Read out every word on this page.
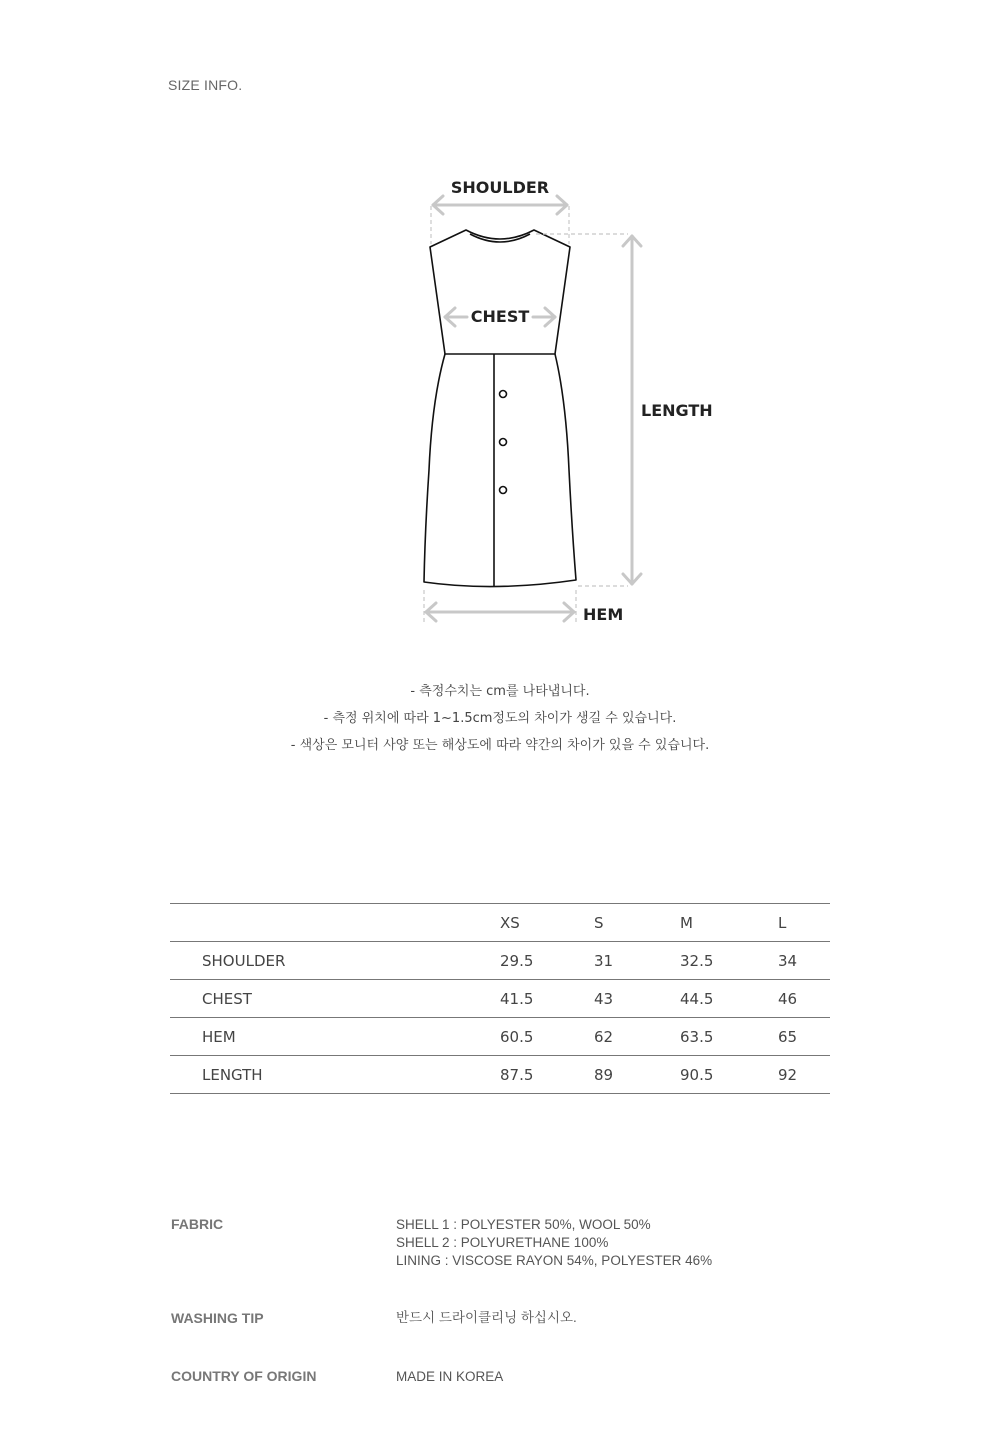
SIZE INFO.
SHOULDER
CHEST
LENGTH
HEM
- 측정수치는 cm를 나타냅니다.
- 측정 위치에 따라 1~1.5cm정도의 차이가 생길 수 있습니다.
- 색상은 모니터 사양 또는 해상도에 따라 약간의 차이가 있을 수 있습니다.
	XS	S	M	L
SHOULDER	29.5	31	32.5	34
CHEST	41.5	43	44.5	46
HEM	60.5	62	63.5	65
LENGTH	87.5	89	90.5	92
FABRIC	SHELL 1 : POLYESTER 50%, WOOL 50%
SHELL 2 : POLYURETHANE 100%
LINING : VISCOSE RAYON 54%, POLYESTER 46%
WASHING TIP	반드시 드라이클리닝 하십시오.
COUNTRY OF ORIGIN	MADE IN KOREA
